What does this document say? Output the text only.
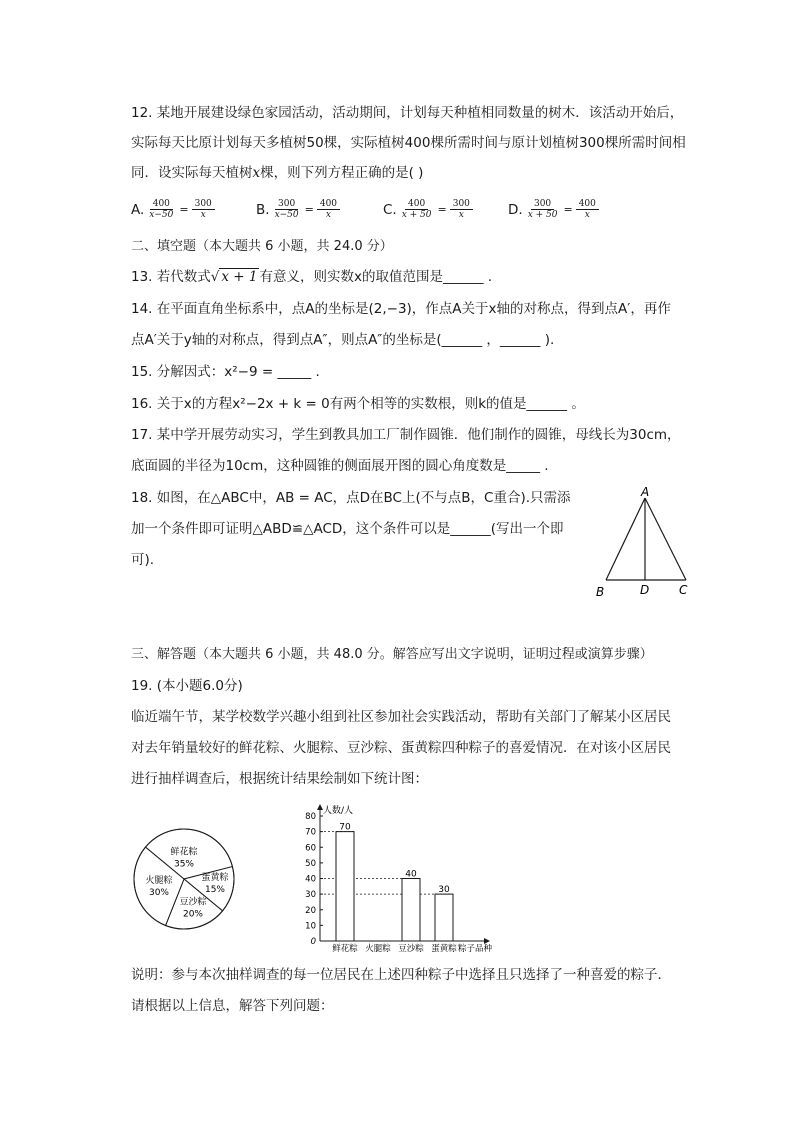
12. 某地开展建设绿色家园活动，活动期间，计划每天种植相同数量的树木．该活动开始后，
实际每天比原计划每天多植树50棵，实际植树400棵所需时间与原计划植树300棵所需时间相
同．设实际每天植树x棵，则下列方程正确的是( )
A. $\frac{400}{x-50} = \frac{300}{x}$	B. $\frac{300}{x-50} = \frac{400}{x}$	C. $\frac{400}{x + 50} = \frac{300}{x}$	D. $\frac{300}{x + 50} = \frac{400}{x}$
二、填空题（本大题共 6 小题，共 24.0 分）
13. 若代数式√ x + 1 有意义，则实数x的取值范围是______ .
14. 在平面直角坐标系中，点A的坐标是(2,−3)，作点A关于x轴的对称点，得到点A′，再作
点A′关于y轴的对称点，得到点A″，则点A″的坐标是(______ ，______ ).
15. 分解因式：x²−9 = _____ .
16. 关于x的方程x²−2x + k = 0有两个相等的实数根，则k的值是______ 。
17. 某中学开展劳动实习，学生到教具加工厂制作圆锥．他们制作的圆锥，母线长为30cm，
底面圆的半径为10cm，这种圆锥的侧面展开图的圆心角度数是_____ .
18. 如图，在△ABC中，AB = AC，点D在BC上(不与点B，C重合).只需添
加一个条件即可证明△ABD≌△ACD，这个条件可以是______(写出一个即
可).
A
B	D C
三、解答题（本大题共 6 小题，共 48.0 分。解答应写出文字说明，证明过程或演算步骤）
19. (本小题6.0分)
临近端午节，某学校数学兴趣小组到社区参加社会实践活动，帮助有关部门了解某小区居民
对去年销量较好的鲜花粽、火腿粽、豆沙粽、蛋黄粽四种粽子的喜爱情况．在对该小区居民
进行抽样调查后，根据统计结果绘制如下统计图：
鲜花粽
35%
蛋黄粽
15%
豆沙粽
20%
火腿粽
30%
人数/人
0
10
20
30
40
50
60
70
80
70
鲜花粽 火腿粽
40
豆沙粽
30
蛋黄粽 粽子品种
说明：参与本次抽样调查的每一位居民在上述四种粽子中选择且只选择了一种喜爱的粽子．
请根据以上信息，解答下列问题：
